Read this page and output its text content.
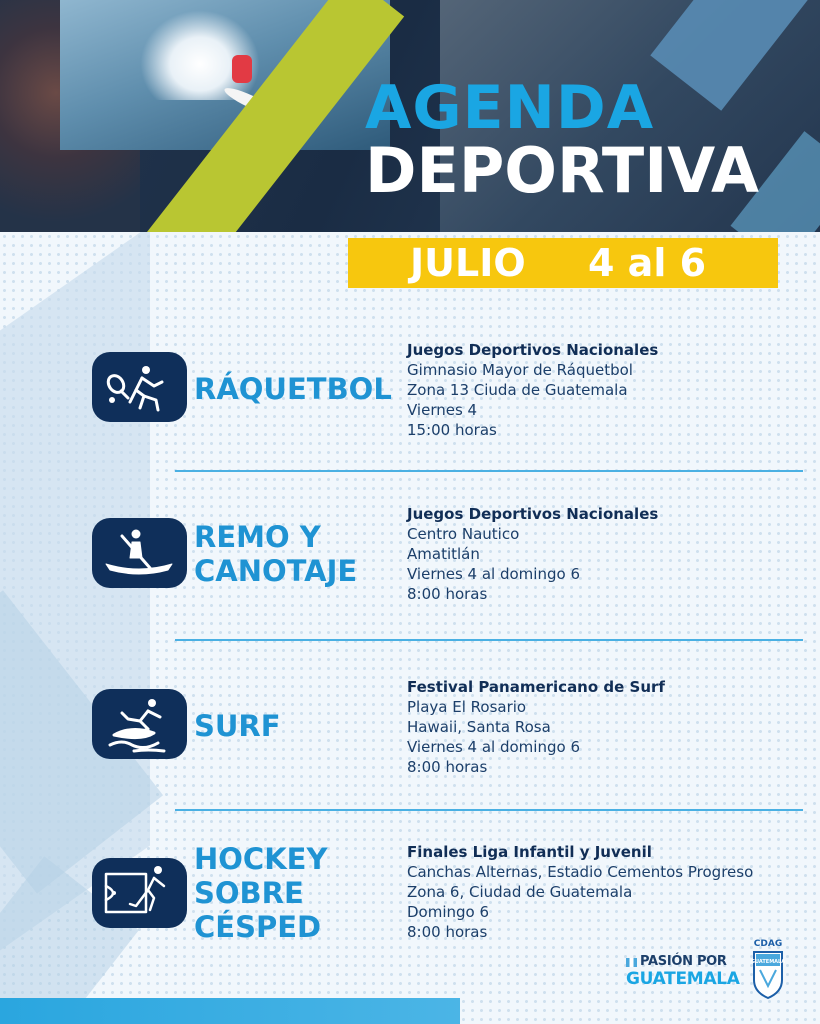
AGENDA
DEPORTIVA
JULIO 4 al 6
RÁQUETBOL
Juegos Deportivos Nacionales
Gimnasio Mayor de Ráquetbol
Zona 13 Ciuda de Guatemala
Viernes 4
15:00 horas
REMO Y
CANOTAJE
Juegos Deportivos Nacionales
Centro Nautico
Amatitlán
Viernes 4 al domingo 6
8:00 horas
SURF
Festival Panamericano de Surf
Playa El Rosario
Hawaii, Santa Rosa
Viernes 4 al domingo 6
8:00 horas
HOCKEY
SOBRE
CÉSPED
Finales Liga Infantil y Juvenil
Canchas Alternas, Estadio Cementos Progreso
Zona 6, Ciudad de Guatemala
Domingo 6
8:00 horas
PASIÓN POR
GUATEMALA
CDAG
GUATEMALA
